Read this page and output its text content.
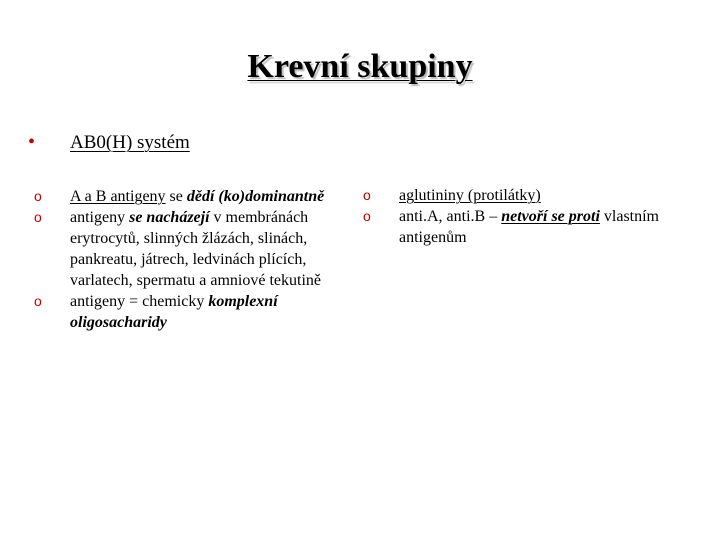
Krevní skupiny
•	AB0(H) systém
o A a B antigeny se dědí (ko)dominantně
o antigeny se nacházejí v membránách erytrocytů, slinných žlázách, slinách, pankreatu, játrech, ledvinách plících, varlatech, spermatu a amniové tekutině
o antigeny = chemicky komplexní oligosacharidy
o aglutininy (protilátky)
o anti.A, anti.B – netvoří se proti vlastním antigenům
